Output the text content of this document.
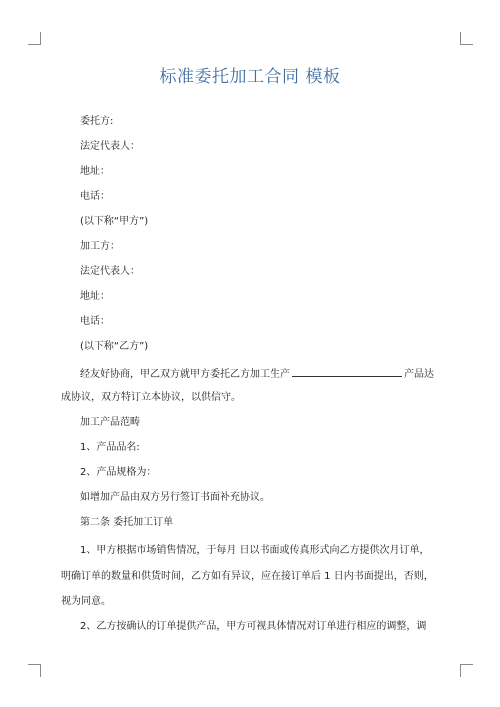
标准委托加工合同 模板
委托方:
法定代表人：
地址：
电话：
(以下称“甲方”)
加工方：
法定代表人：
地址：
电话：
(以下称“乙方”)
经友好协商，甲乙双方就甲方委托乙方加工生产	产品达
成协议，双方特订立本协议，以供信守。
加工产品范畴
1、产品品名:
2、产品规格为：
如增加产品由双方另行签订书面补充协议。
第二条 委托加工订单
1、甲方根据市场销售情况，于每月 日以书面或传真形式向乙方提供次月订单，
明确订单的数量和供货时间，乙方如有异议，应在接订单后 1 日内书面提出，否则，
视为同意。
2、乙方按确认的订单提供产品，甲方可视具体情况对订单进行相应的调整，调
